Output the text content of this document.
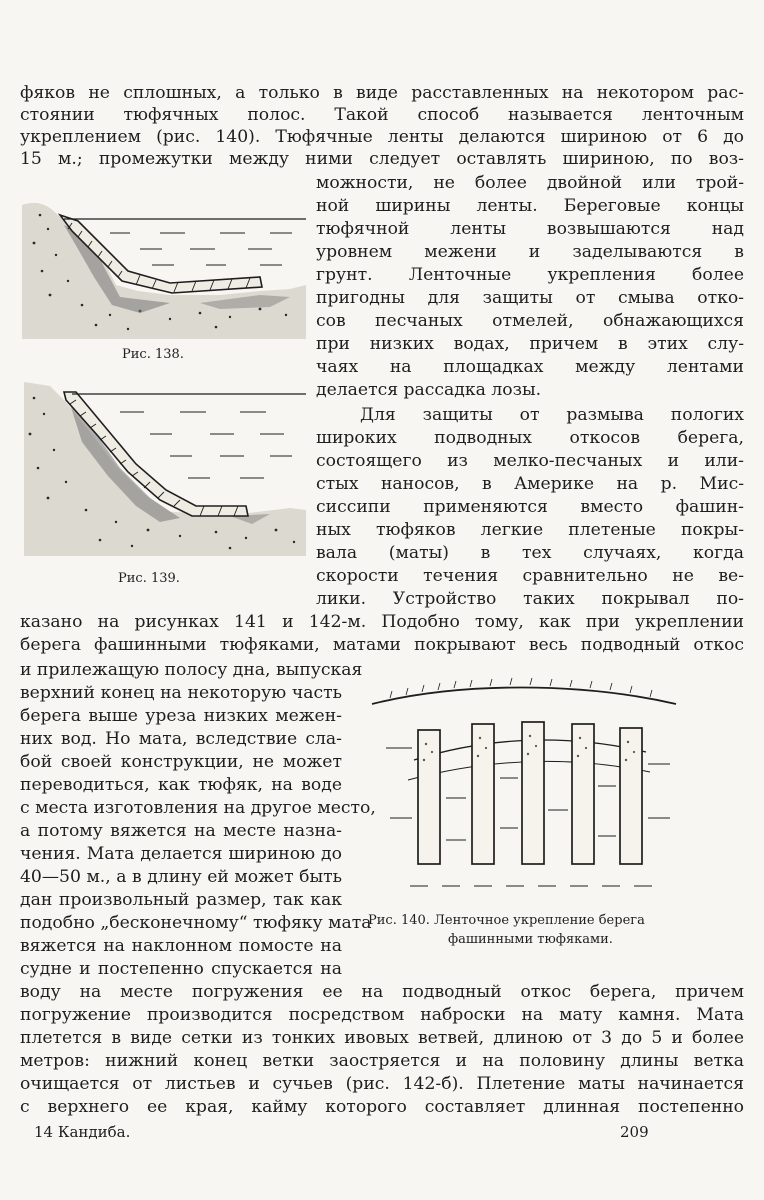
фяков не сплошных, а только в виде расставленных на некотором рас-
стоянии тюфячных полос. Такой способ называется ленточным
укреплением (рис. 140). Тюфячные ленты делаются шириною от 6 до
15 м.; промежутки между ними следует оставлять шириною, по воз-
можности, не более двойной или трой-
ной ширины ленты. Береговые концы
тюфячной ленты возвышаются над
уровнем межени и заделываются в
грунт. Ленточные укрепления более
пригодны для защиты от смыва отко-
сов песчаных отмелей, обнажающихся
при низких водах, причем в этих слу-
чаях на площадках между лентами
делается рассадка лозы.
Для защиты от размыва пологих
широких подводных откосов берега,
состоящего из мелко-песчаных и или-
стых наносов, в Америке на р. Мис-
сиссипи применяются вместо фашин-
ных тюфяков легкие плетеные покры-
вала (маты) в тех случаях, когда
скорости течения сравнительно не ве-
лики. Устройство таких покрывал по-
казано на рисунках 141 и 142-м. Подобно тому, как при укреплении
берега фашинными тюфяками, матами покрывают весь подводный откос
и прилежащую полосу дна, выпуская
верхний конец на некоторую часть
берега выше уреза низких межен-
них вод. Но мата, вследствие сла-
бой своей конструкции, не может
переводиться, как тюфяк, на воде
с места изготовления на другое место,
а потому вяжется на месте назна-
чения. Мата делается шириною до
40—50 м., а в длину ей может быть
дан произвольный размер, так как
подобно „бесконечному“ тюфяку мата
вяжется на наклонном помосте на
судне и постепенно спускается на
воду на месте погружения ее на подводный откос берега, причем
погружение производится посредством наброски на мату камня. Мата
плетется в виде сетки из тонких ивовых ветвей, длиною от 3 до 5 и более
метров: нижний конец ветки заостряется и на половину длины ветка
очищается от листьев и сучьев (рис. 142-б). Плетение маты начинается
с верхнего ее края, кайму которого составляет длинная постепенно
Рис. 138.
Рис. 139.
Рис. 140. Ленточное укрепление берега
фашинными тюфяками.
14 Кандиба.	209
